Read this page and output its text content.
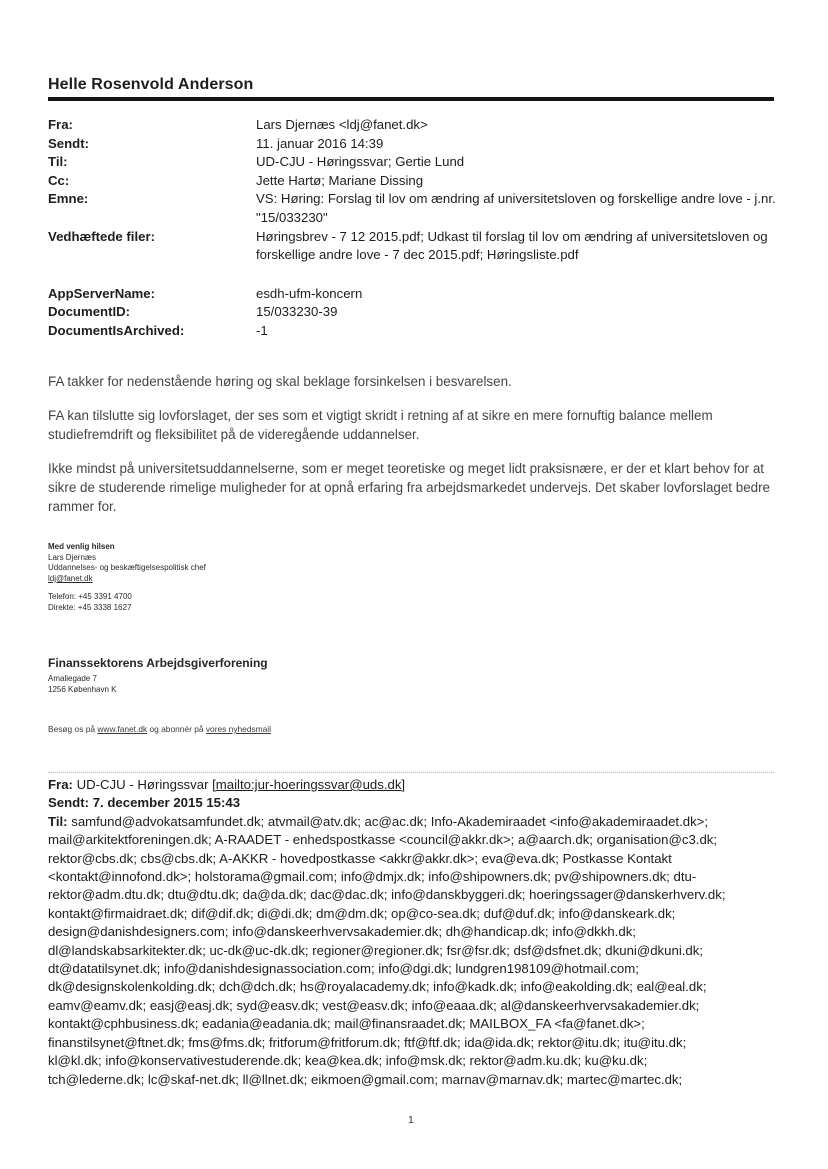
Helle Rosenvold Anderson
Fra:	Lars Djernæs <ldj@fanet.dk>
Sendt:	11. januar 2016 14:39
Til:	UD-CJU - Høringssvar; Gertie Lund
Cc:	Jette Hartø; Mariane Dissing
Emne:	VS: Høring: Forslag til lov om ændring af universitetsloven og forskellige andre love - j.nr. "15/033230"
Vedhæftede filer:	Høringsbrev - 7 12 2015.pdf; Udkast til forslag til lov om ændring af universitetsloven og forskellige andre love - 7 dec 2015.pdf; Høringsliste.pdf
AppServerName:	esdh-ufm-koncern
DocumentID:	15/033230-39
DocumentIsArchived:	-1

FA takker for nedenstående høring og skal beklage forsinkelsen i besvarelsen.

FA kan tilslutte sig lovforslaget, der ses som et vigtigt skridt i retning af at sikre en mere fornuftig balance mellem studiefremdrift og fleksibilitet på de videregående uddannelser.

Ikke mindst på universitetsuddannelserne, som er meget teoretiske og meget lidt praksisnære, er der et klart behov for at sikre de studerende rimelige muligheder for at opnå erfaring fra arbejdsmarkedet undervejs. Det skaber lovforslaget bedre rammer for.

Med venlig hilsen
Lars Djernæs
Uddannelses- og beskæftigelsespolitisk chef
ldj@fanet.dk
Telefon: +45 3391 4700
Direkte: +45 3338 1627
Finanssektorens Arbejdsgiverforening
Amaliegade 7
1256 København K
Besøg os på www.fanet.dk og abonnér på vores nyhedsmail
Fra: UD-CJU - Høringssvar [mailto:jur-hoeringssvar@uds.dk]
Sendt: 7. december 2015 15:43
Til: samfund@advokatsamfundet.dk; atvmail@atv.dk; ac@ac.dk; Info-Akademiraadet <info@akademiraadet.dk>;
mail@arkitektforeningen.dk; A-RAADET - enhedspostkasse <council@akkr.dk>; a@aarch.dk; organisation@c3.dk;
rektor@cbs.dk; cbs@cbs.dk; A-AKKR - hovedpostkasse <akkr@akkr.dk>; eva@eva.dk; Postkasse Kontakt
<kontakt@innofond.dk>; holstorama@gmail.com; info@dmjx.dk; info@shipowners.dk; pv@shipowners.dk; dtu-
rektor@adm.dtu.dk; dtu@dtu.dk; da@da.dk; dac@dac.dk; info@danskbyggeri.dk; hoeringssager@danskerhverv.dk;
kontakt@firmaidraet.dk; dif@dif.dk; di@di.dk; dm@dm.dk; op@co-sea.dk; duf@duf.dk; info@danskeark.dk;
design@danishdesigners.com; info@danskeerhvervsakademier.dk; dh@handicap.dk; info@dkkh.dk;
dl@landskabsarkitekter.dk; uc-dk@uc-dk.dk; regioner@regioner.dk; fsr@fsr.dk; dsf@dsfnet.dk; dkuni@dkuni.dk;
dt@datatilsynet.dk; info@danishdesignassociation.com; info@dgi.dk; lundgren198109@hotmail.com;
dk@designskolenkolding.dk; dch@dch.dk; hs@royalacademy.dk; info@kadk.dk; info@eakolding.dk; eal@eal.dk;
eamv@eamv.dk; easj@easj.dk; syd@easv.dk; vest@easv.dk; info@eaaa.dk; al@danskeerhvervsakademier.dk;
kontakt@cphbusiness.dk; eadania@eadania.dk; mail@finansraadet.dk; MAILBOX_FA <fa@fanet.dk>;
finanstilsynet@ftnet.dk; fms@fms.dk; fritforum@fritforum.dk; ftf@ftf.dk; ida@ida.dk; rektor@itu.dk; itu@itu.dk;
kl@kl.dk; info@konservativestuderende.dk; kea@kea.dk; info@msk.dk; rektor@adm.ku.dk; ku@ku.dk;
tch@lederne.dk; lc@skaf-net.dk; ll@llnet.dk; eikmoen@gmail.com; marnav@marnav.dk; martec@martec.dk;
1
